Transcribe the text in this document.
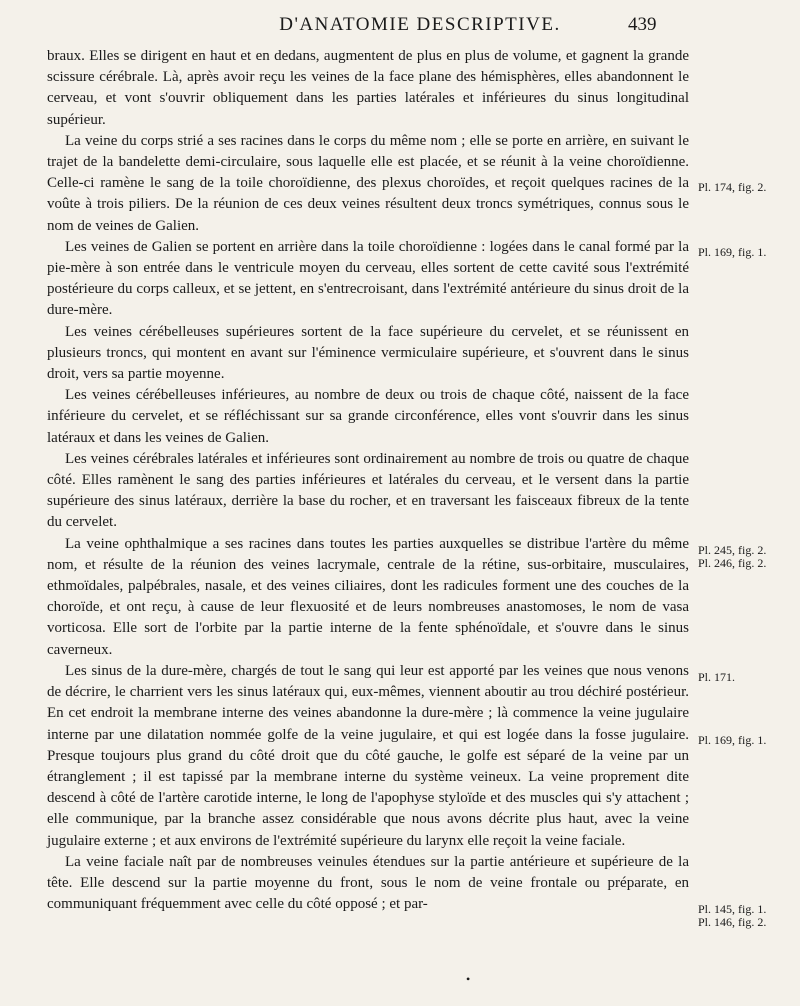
D'ANATOMIE DESCRIPTIVE.	439

braux. Elles se dirigent en haut et en dedans, augmentent de plus en plus de volume, et gagnent la grande scissure cérébrale. Là, après avoir reçu les veines de la face plane des hémisphères, elles abandonnent le cerveau, et vont s'ouvrir obliquement dans les parties latérales et inférieures du sinus longitudinal supérieur.

La veine du corps strié a ses racines dans le corps du même nom ; elle se porte en arrière, en suivant le trajet de la bandelette demi-circulaire, sous laquelle elle est placée, et se réunit à la veine choroïdienne. Celle-ci ramène le sang de la toile choroïdienne, des plexus choroïdes, et reçoit quelques racines de la voûte à trois piliers. De la réunion de ces deux veines résultent deux troncs symétriques, connus sous le nom de veines de Galien.

Les veines de Galien se portent en arrière dans la toile choroïdienne : logées dans le canal formé par la pie-mère à son entrée dans le ventricule moyen du cerveau, elles sortent de cette cavité sous l'extrémité postérieure du corps calleux, et se jettent, en s'entrecroisant, dans l'extrémité antérieure du sinus droit de la dure-mère.

Les veines cérébelleuses supérieures sortent de la face supérieure du cervelet, et se réunissent en plusieurs troncs, qui montent en avant sur l'éminence vermiculaire supérieure, et s'ouvrent dans le sinus droit, vers sa partie moyenne.

Les veines cérébelleuses inférieures, au nombre de deux ou trois de chaque côté, naissent de la face inférieure du cervelet, et se réfléchissant sur sa grande circonférence, elles vont s'ouvrir dans les sinus latéraux et dans les veines de Galien.

Les veines cérébrales latérales et inférieures sont ordinairement au nombre de trois ou quatre de chaque côté. Elles ramènent le sang des parties inférieures et latérales du cerveau, et le versent dans la partie supérieure des sinus latéraux, derrière la base du rocher, et en traversant les faisceaux fibreux de la tente du cervelet.

La veine ophthalmique a ses racines dans toutes les parties auxquelles se distribue l'artère du même nom, et résulte de la réunion des veines lacrymale, centrale de la rétine, sus-orbitaire, musculaires, ethmoïdales, palpébrales, nasale, et des veines ciliaires, dont les radicules forment une des couches de la choroïde, et ont reçu, à cause de leur flexuosité et de leurs nombreuses anastomoses, le nom de vasa vorticosa. Elle sort de l'orbite par la partie interne de la fente sphénoïdale, et s'ouvre dans le sinus caverneux.

Les sinus de la dure-mère, chargés de tout le sang qui leur est apporté par les veines que nous venons de décrire, le charrient vers les sinus latéraux qui, eux-mêmes, viennent aboutir au trou déchiré postérieur. En cet endroit la membrane interne des veines abandonne la dure-mère ; là commence la veine jugulaire interne par une dilatation nommée golfe de la veine jugulaire, et qui est logée dans la fosse jugulaire. Presque toujours plus grand du côté droit que du côté gauche, le golfe est séparé de la veine par un étranglement ; il est tapissé par la membrane interne du système veineux. La veine proprement dite descend à côté de l'artère carotide interne, le long de l'apophyse styloïde et des muscles qui s'y attachent ; elle communique, par la branche assez considérable que nous avons décrite plus haut, avec la veine jugulaire externe ; et aux environs de l'extrémité supérieure du larynx elle reçoit la veine faciale.

La veine faciale naît par de nombreuses veinules étendues sur la partie antérieure et supérieure de la tête. Elle descend sur la partie moyenne du front, sous le nom de veine frontale ou préparate, en communiquant fréquemment avec celle du côté opposé ; et par-

Pl. 174, fig. 2.
Pl. 169, fig. 1.
Pl. 245, fig. 2.
Pl. 246, fig. 2.
Pl. 171.
Pl. 169, fig. 1.
Pl. 145, fig. 1.
Pl. 146, fig. 2.
•
